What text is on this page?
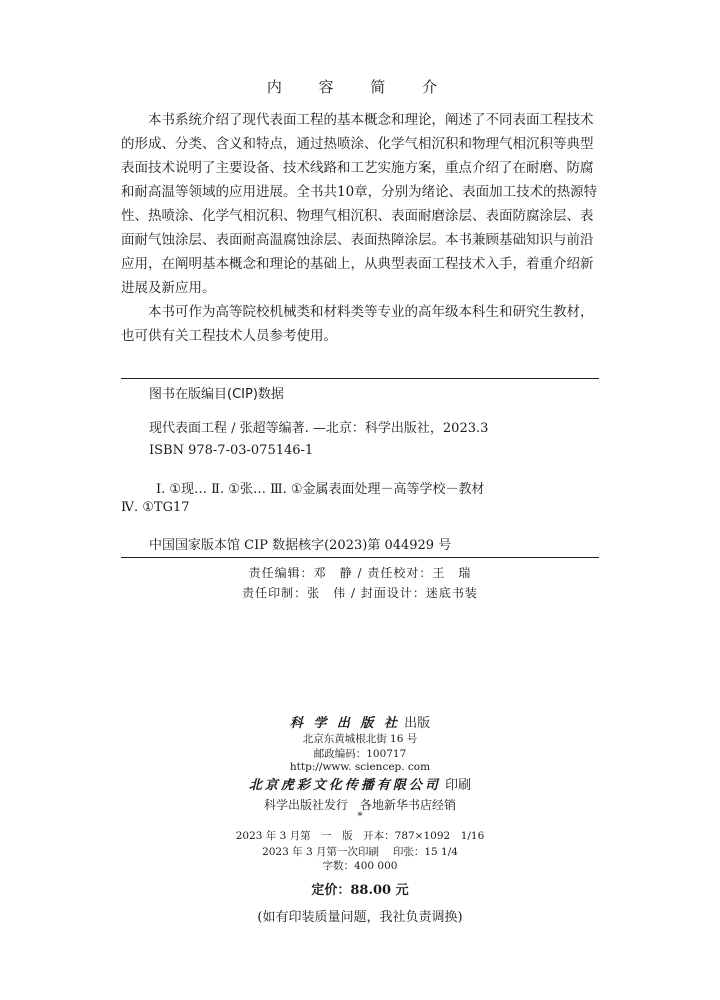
内 容 简 介

本书系统介绍了现代表面工程的基本概念和理论，阐述了不同表面工程技术的形成、分类、含义和特点，通过热喷涂、化学气相沉积和物理气相沉积等典型表面技术说明了主要设备、技术线路和工艺实施方案，重点介绍了在耐磨、防腐和耐高温等领域的应用进展。全书共10章，分别为绪论、表面加工技术的热源特性、热喷涂、化学气相沉积、物理气相沉积、表面耐磨涂层、表面防腐涂层、表面耐气蚀涂层、表面耐高温腐蚀涂层、表面热障涂层。本书兼顾基础知识与前沿应用，在阐明基本概念和理论的基础上，从典型表面工程技术入手，着重介绍新进展及新应用。

本书可作为高等院校机械类和材料类等专业的高年级本科生和研究生教材，也可供有关工程技术人员参考使用。

图书在版编目(CIP)数据
现代表面工程 / 张超等编著. —北京：科学出版社，2023.3
ISBN 978-7-03-075146-1
Ⅰ. ①现… Ⅱ. ①张… Ⅲ. ①金属表面处理－高等学校－教材
Ⅳ. ①TG17
中国国家版本馆 CIP 数据核字(2023)第 044929 号
责任编辑：邓　静 / 责任校对：王　瑞
责任印制：张　伟 / 封面设计：迷底书装
科 学 出 版 社 出版
北京东黄城根北街 16 号
邮政编码：100717
http://www. sciencep. com
北京虎彩文化传播有限公司 印刷
科学出版社发行　各地新华书店经销
*
2023 年 3 月第　一　版　开本：787×1092　1/16
2023 年 3 月第一次印刷　 印张：15 1/4
字数：400 000
定价：88.00 元
(如有印装质量问题，我社负责调换)
